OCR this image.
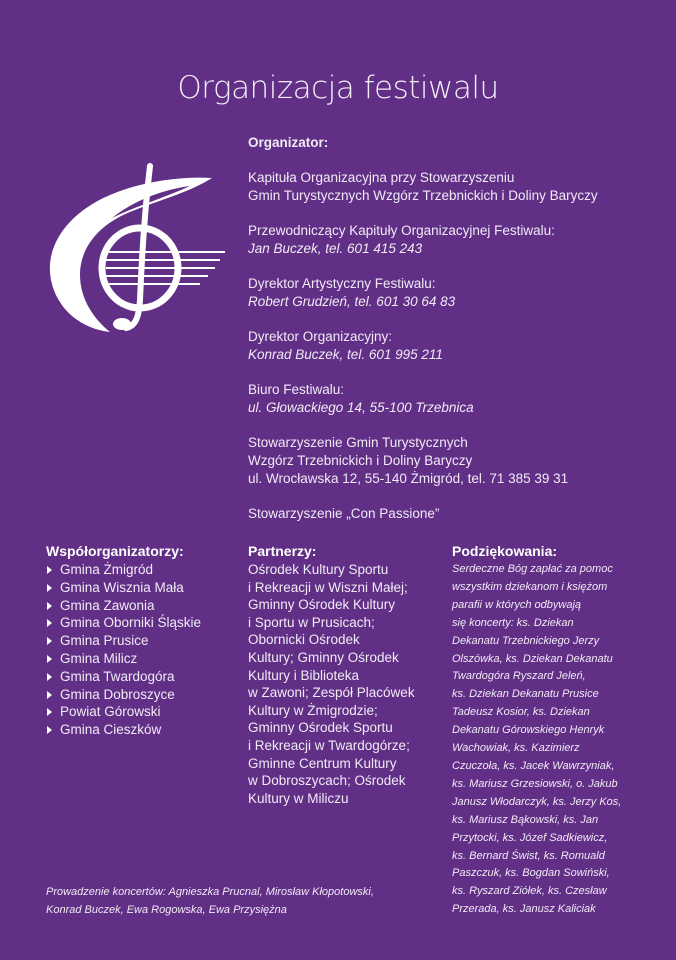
Organizacja festiwalu
Organizator:
Kapituła Organizacyjna przy Stowarzyszeniu
Gmin Turystycznych Wzgórz Trzebnickich i Doliny Baryczy
Przewodniczący Kapituły Organizacyjnej Festiwalu:
Jan Buczek, tel. 601 415 243
Dyrektor Artystyczny Festiwalu:
Robert Grudzień, tel. 601 30 64 83
Dyrektor Organizacyjny:
Konrad Buczek, tel. 601 995 211
Biuro Festiwalu:
ul. Głowackiego 14, 55-100 Trzebnica
Stowarzyszenie Gmin Turystycznych
Wzgórz Trzebnickich i Doliny Baryczy
ul. Wrocławska 12, 55-140 Żmigród, tel. 71 385 39 31
Stowarzyszenie „Con Passione”
Współorganizatorzy:
Gmina Żmigród
Gmina Wisznia Mała
Gmina Zawonia
Gmina Oborniki Śląskie
Gmina Prusice
Gmina Milicz
Gmina Twardogóra
Gmina Dobroszyce
Powiat Górowski
Gmina Cieszków
Partnerzy:
Ośrodek Kultury Sportu
i Rekreacji w Wiszni Małej;
Gminny Ośrodek Kultury
i Sportu w Prusicach;
Obornicki Ośrodek
Kultury; Gminny Ośrodek
Kultury i Biblioteka
w Zawoni; Zespół Placówek
Kultury w Żmigrodzie;
Gminny Ośrodek Sportu
i Rekreacji w Twardogórze;
Gminne Centrum Kultury
w Dobroszycach; Ośrodek
Kultury w Miliczu
Podziękowania:
Serdeczne Bóg zapłać za pomoc
wszystkim dziekanom i księżom
parafii w których odbywają
się koncerty: ks. Dziekan
Dekanatu Trzebnickiego Jerzy
Olszówka, ks. Dziekan Dekanatu
Twardogóra Ryszard Jeleń,
ks. Dziekan Dekanatu Prusice
Tadeusz Kosior, ks. Dziekan
Dekanatu Górowskiego Henryk
Wachowiak, ks. Kazimierz
Czuczoła, ks. Jacek Wawrzyniak,
ks. Mariusz Grzesiowski, o. Jakub
Janusz Włodarczyk, ks. Jerzy Kos,
ks. Mariusz Bąkowski, ks. Jan
Przytocki, ks. Józef Sadkiewicz,
ks. Bernard Świst, ks. Romuald
Paszczuk, ks. Bogdan Sowiński,
ks. Ryszard Ziółek, ks. Czesław
Przerada, ks. Janusz Kaliciak
Prowadzenie koncertów: Agnieszka Prucnal, Mirosław Kłopotowski,
Konrad Buczek, Ewa Rogowska, Ewa Przysiężna
